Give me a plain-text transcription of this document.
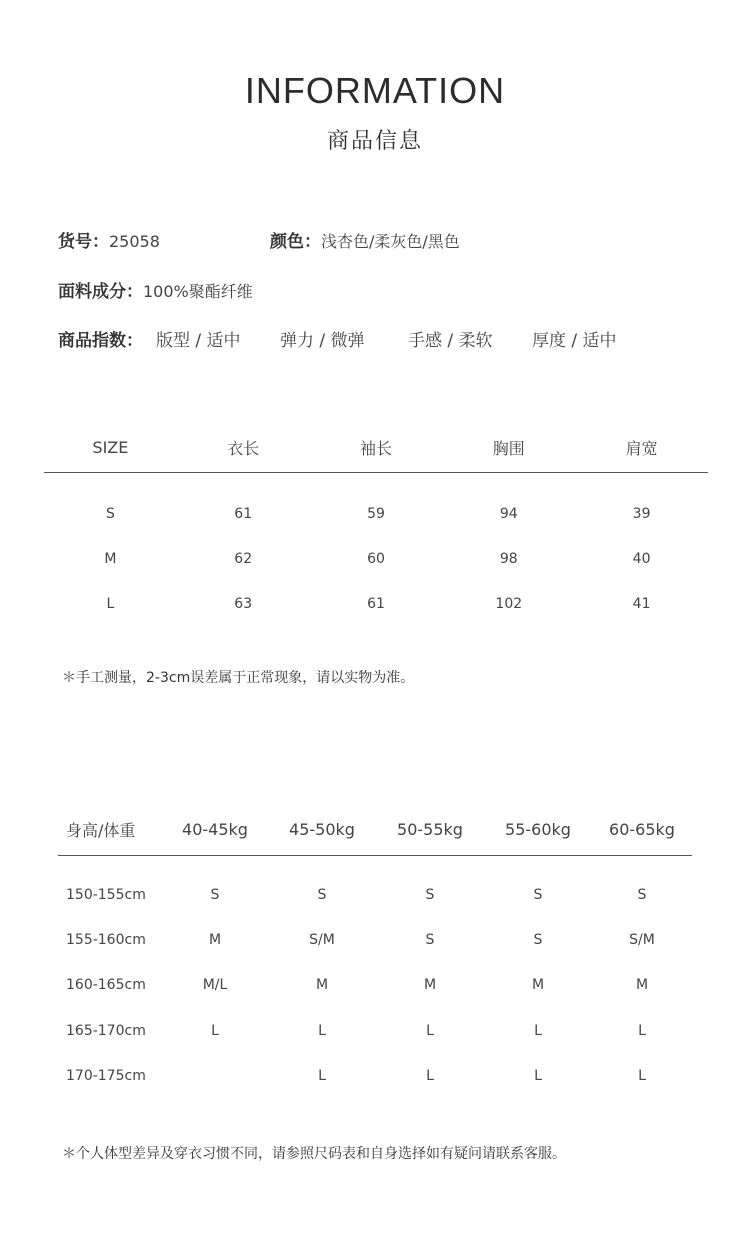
INFORMATION
商品信息
货号：25058	颜色：浅杏色/柔灰色/黑色
面料成分：100%聚酯纤维
商品指数： 版型 / 适中 弹力 / 微弹	手感 / 柔软 厚度 / 适中
SIZE	衣长	袖长	胸围	肩宽

S	61	59	94	39
M	62	60	98	40
L	63	61	102	41
＊手工测量，2-3cm误差属于正常现象，请以实物为准。
身高/体重	40-45kg	45-50kg	50-55kg	55-60kg	60-65kg

150-155cm	S	S	S	S	S
155-160cm	M	S/M	S	S	S/M
160-165cm	M/L	M	M	M	M
165-170cm	L	L	L	L	L
170-175cm		L	L	L	L
＊个人体型差异及穿衣习惯不同，请参照尺码表和自身选择如有疑问请联系客服。
